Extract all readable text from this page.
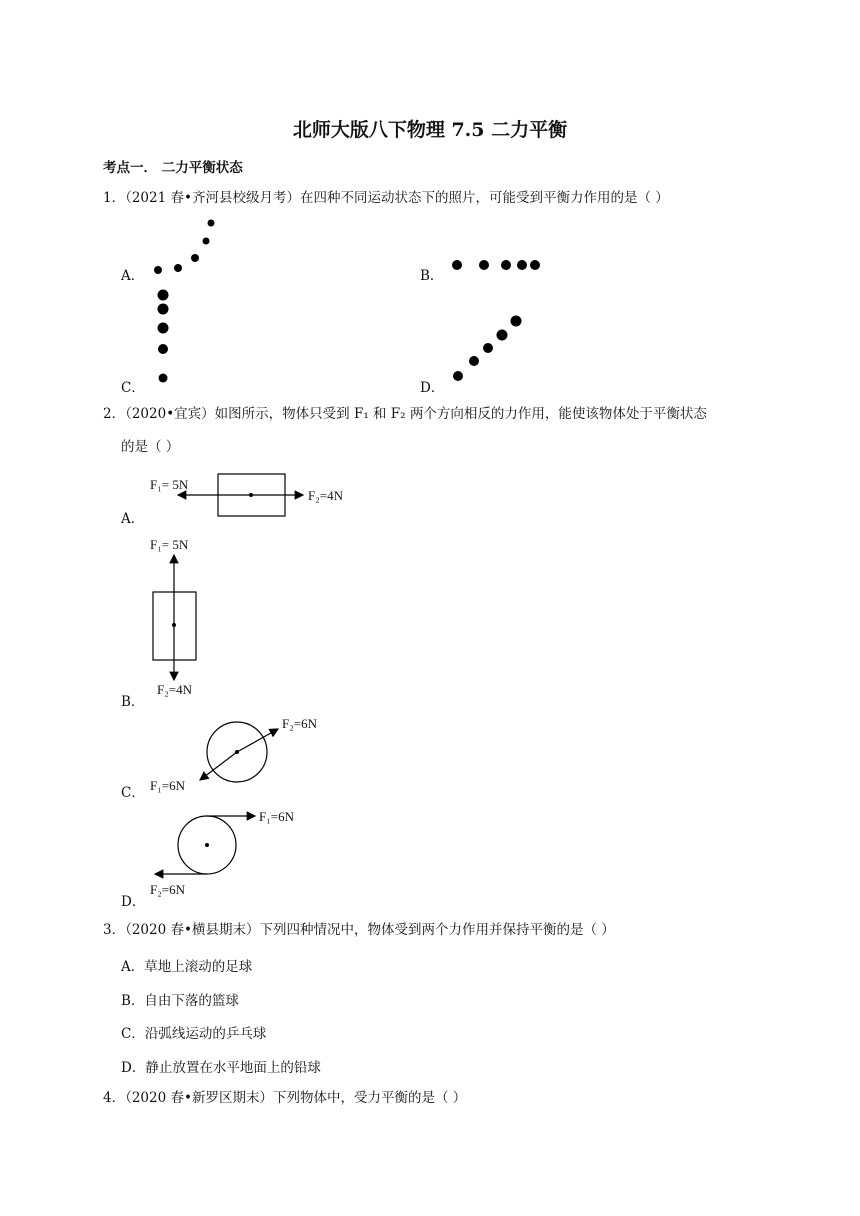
北师大版八下物理 7.5 二力平衡
考点一． 二力平衡状态
1．（2021 春•齐河县校级月考）在四种不同运动状态下的照片，可能受到平衡力作用的是（ ）
A．	B．
C．	D．
2．（2020•宜宾）如图所示，物体只受到 F₁ 和 F₂ 两个方向相反的力作用，能使该物体处于平衡状态
的是（ ）
A．
F₁= 5N
F₂=4N
B．
F₁= 5N
F₂=4N
C．
F₂=6N
F₁=6N
D．
F₁=6N
F₂=6N
3．（2020 春•横县期末）下列四种情况中，物体受到两个力作用并保持平衡的是（ ）
A．草地上滚动的足球
B．自由下落的篮球
C．沿弧线运动的乒乓球
D．静止放置在水平地面上的铅球
4．（2020 春•新罗区期末）下列物体中，受力平衡的是（ ）
